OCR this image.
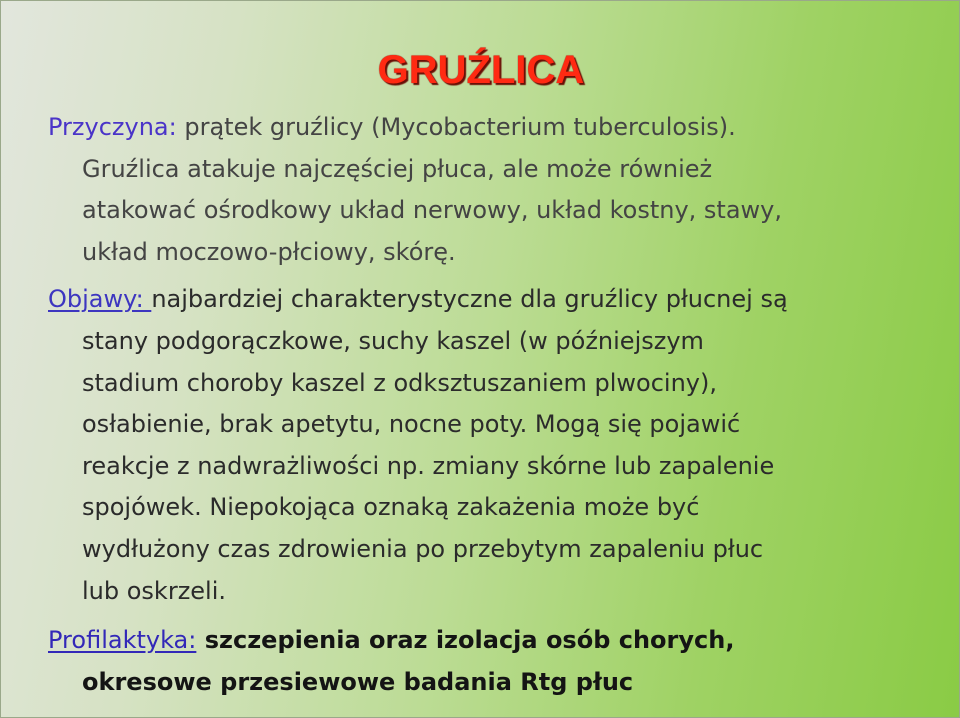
GRUŹLICA
Przyczyna: prątek gruźlicy (Mycobacterium tuberculosis).
Gruźlica atakuje najczęściej płuca, ale może również
atakować ośrodkowy układ nerwowy, układ kostny, stawy,
układ moczowo-płciowy, skórę.
Objawy: najbardziej charakterystyczne dla gruźlicy płucnej są
stany podgorączkowe, suchy kaszel (w późniejszym
stadium choroby kaszel z odksztuszaniem plwociny),
osłabienie, brak apetytu, nocne poty. Mogą się pojawić
reakcje z nadwrażliwości np. zmiany skórne lub zapalenie
spojówek. Niepokojąca oznaką zakażenia może być
wydłużony czas zdrowienia po przebytym zapaleniu płuc
lub oskrzeli.
Profilaktyka: szczepienia oraz izolacja osób chorych,
okresowe przesiewowe badania Rtg płuc
